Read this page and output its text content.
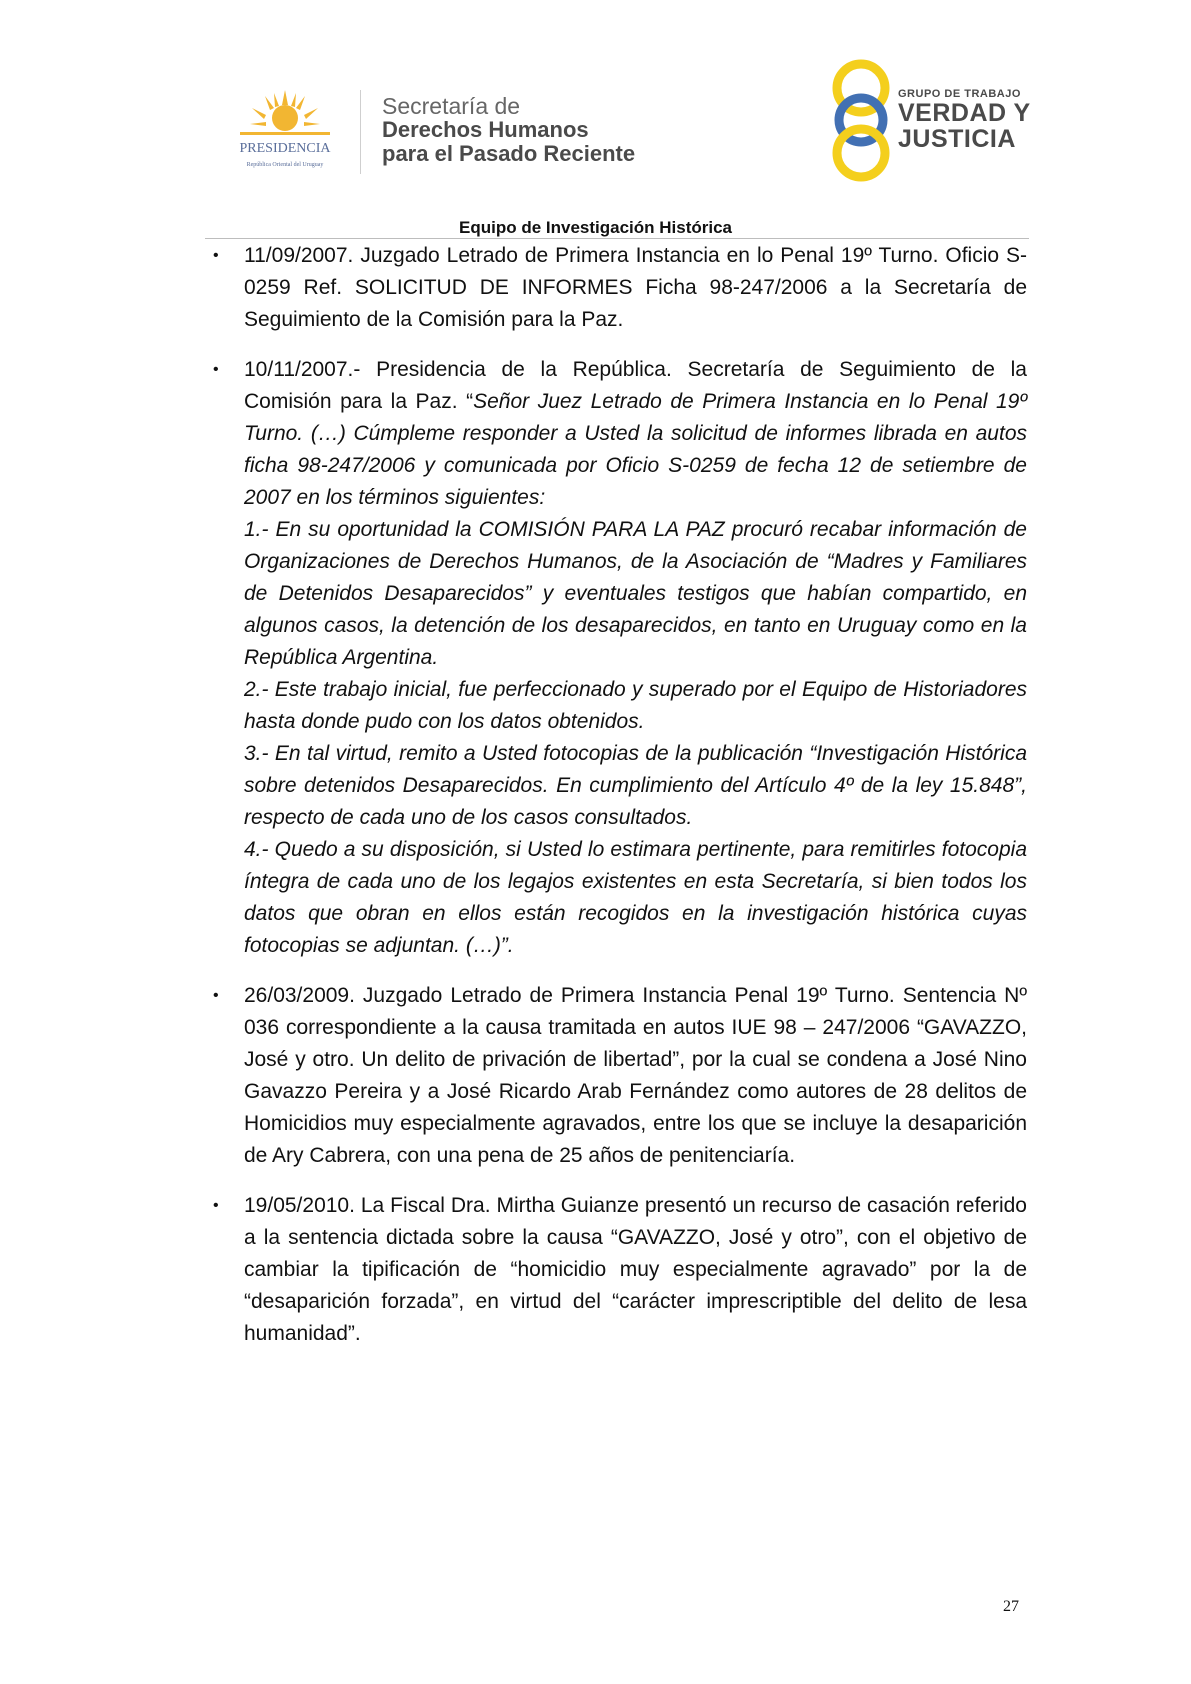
PRESIDENCIA
República Oriental del Uruguay
Secretaría de
Derechos Humanos
para el Pasado Reciente
GRUPO DE TRABAJO
VERDAD Y
JUSTICIA
Equipo de Investigación Histórica
• 11/09/2007. Juzgado Letrado de Primera Instancia en lo Penal 19º Turno. Oficio S-0259 Ref. SOLICITUD DE INFORMES Ficha 98-247/2006 a la Secretaría de Seguimiento de la Comisión para la Paz.

• 10/11/2007.- Presidencia de la República. Secretaría de Seguimiento de la Comisión para la Paz. “Señor Juez Letrado de Primera Instancia en lo Penal 19º Turno. (…) Cúmpleme responder a Usted la solicitud de informes librada en autos ficha 98-247/2006 y comunicada por Oficio S-0259 de fecha 12 de setiembre de 2007 en los términos siguientes:

1.- En su oportunidad la COMISIÓN PARA LA PAZ procuró recabar información de Organizaciones de Derechos Humanos, de la Asociación de “Madres y Familiares de Detenidos Desaparecidos” y eventuales testigos que habían compartido, en algunos casos, la detención de los desaparecidos, en tanto en Uruguay como en la República Argentina.

2.- Este trabajo inicial, fue perfeccionado y superado por el Equipo de Historiadores hasta donde pudo con los datos obtenidos.

3.- En tal virtud, remito a Usted fotocopias de la publicación “Investigación Histórica sobre detenidos Desaparecidos. En cumplimiento del Artículo 4º de la ley 15.848”, respecto de cada uno de los casos consultados.

4.- Quedo a su disposición, si Usted lo estimara pertinente, para remitirles fotocopia íntegra de cada uno de los legajos existentes en esta Secretaría, si bien todos los datos que obran en ellos están recogidos en la investigación histórica cuyas fotocopias se adjuntan. (…)”.

• 26/03/2009. Juzgado Letrado de Primera Instancia Penal 19º Turno. Sentencia Nº 036 correspondiente a la causa tramitada en autos IUE 98 – 247/2006 “GAVAZZO, José y otro. Un delito de privación de libertad”, por la cual se condena a José Nino Gavazzo Pereira y a José Ricardo Arab Fernández como autores de 28 delitos de Homicidios muy especialmente agravados, entre los que se incluye la desaparición de Ary Cabrera, con una pena de 25 años de penitenciaría.

• 19/05/2010. La Fiscal Dra. Mirtha Guianze presentó un recurso de casación referido a la sentencia dictada sobre la causa “GAVAZZO, José y otro”, con el objetivo de cambiar la tipificación de “homicidio muy especialmente agravado” por la de “desaparición forzada”, en virtud del “carácter imprescriptible del delito de lesa humanidad”.

27
